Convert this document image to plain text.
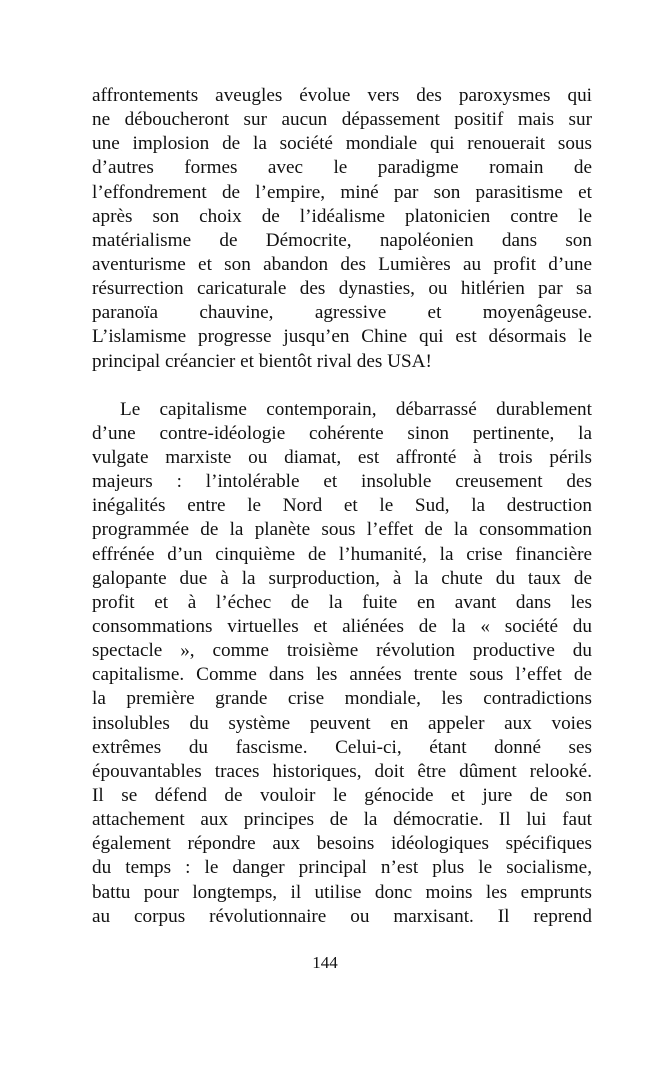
affrontements aveugles évolue vers des paroxysmes qui
ne déboucheront sur aucun dépassement positif mais sur
une implosion de la société mondiale qui renouerait sous
d’autres formes avec le paradigme romain de
l’effondrement de l’empire, miné par son parasitisme et
après son choix de l’idéalisme platonicien contre le
matérialisme de Démocrite, napoléonien dans son
aventurisme et son abandon des Lumières au profit d’une
résurrection caricaturale des dynasties, ou hitlérien par sa
paranoïa chauvine, agressive et moyenâgeuse.
L’islamisme progresse jusqu’en Chine qui est désormais le
principal créancier et bientôt rival des USA!
Le capitalisme contemporain, débarrassé durablement
d’une contre-idéologie cohérente sinon pertinente, la
vulgate marxiste ou diamat, est affronté à trois périls
majeurs : l’intolérable et insoluble creusement des
inégalités entre le Nord et le Sud, la destruction
programmée de la planète sous l’effet de la consommation
effrénée d’un cinquième de l’humanité, la crise financière
galopante due à la surproduction, à la chute du taux de
profit et à l’échec de la fuite en avant dans les
consommations virtuelles et aliénées de la « société du
spectacle », comme troisième révolution productive du
capitalisme. Comme dans les années trente sous l’effet de
la première grande crise mondiale, les contradictions
insolubles du système peuvent en appeler aux voies
extrêmes du fascisme. Celui-ci, étant donné ses
épouvantables traces historiques, doit être dûment relooké.
Il se défend de vouloir le génocide et jure de son
attachement aux principes de la démocratie. Il lui faut
également répondre aux besoins idéologiques spécifiques
du temps : le danger principal n’est plus le socialisme,
battu pour longtemps, il utilise donc moins les emprunts
au corpus révolutionnaire ou marxisant. Il reprend
144
